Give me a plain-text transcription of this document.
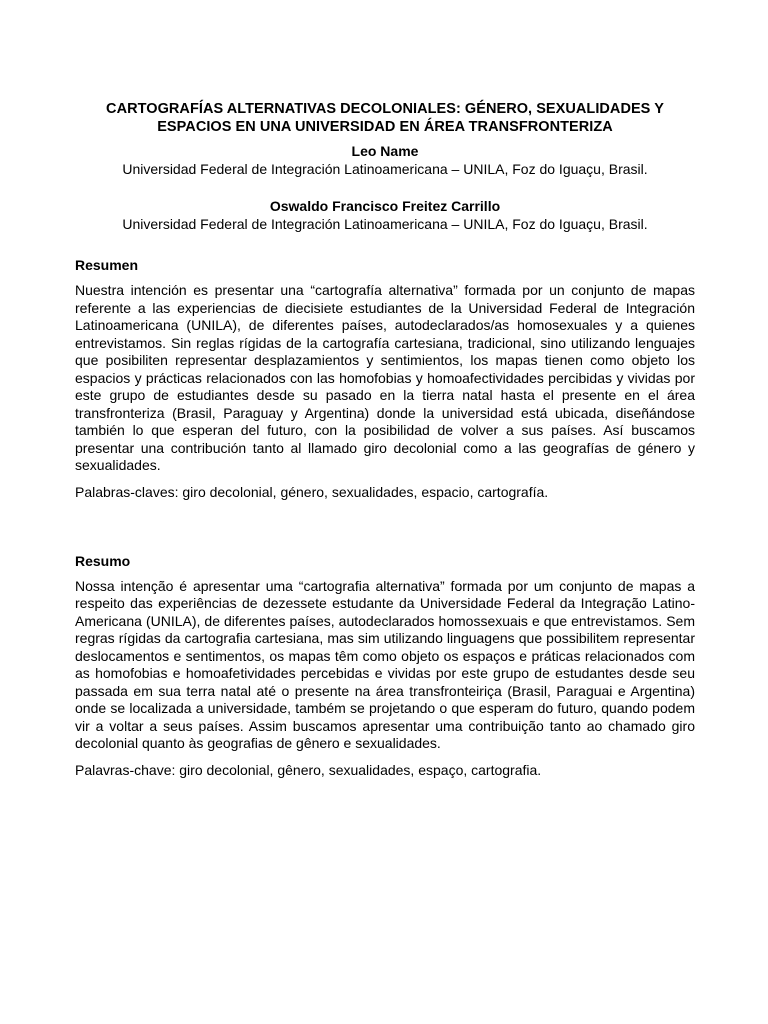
CARTOGRAFÍAS ALTERNATIVAS DECOLONIALES: GÉNERO, SEXUALIDADES Y

ESPACIOS EN UNA UNIVERSIDAD EN ÁREA TRANSFRONTERIZA

Leo Name

Universidad Federal de Integración Latinoamericana – UNILA, Foz do Iguaçu, Brasil.

Oswaldo Francisco Freitez Carrillo

Universidad Federal de Integración Latinoamericana – UNILA, Foz do Iguaçu, Brasil.

Resumen

Nuestra intención es presentar una “cartografía alternativa” formada por un conjunto de mapas referente a las experiencias de diecisiete estudiantes de la Universidad Federal de Integración Latinoamericana (UNILA), de diferentes países, autodeclarados/as homosexuales y a quienes entrevistamos. Sin reglas rígidas de la cartografía cartesiana, tradicional, sino utilizando lenguajes que posibiliten representar desplazamientos y sentimientos, los mapas tienen como objeto los espacios y prácticas relacionados con las homofobias y homoafectividades percibidas y vividas por este grupo de estudiantes desde su pasado en la tierra natal hasta el presente en el área transfronteriza (Brasil, Paraguay y Argentina) donde la universidad está ubicada, diseñándose también lo que esperan del futuro, con la posibilidad de volver a sus países. Así buscamos presentar una contribución tanto al llamado giro decolonial como a las geografías de género y sexualidades.

Palabras-claves: giro decolonial, género, sexualidades, espacio, cartografía.

Resumo

Nossa intenção é apresentar uma “cartografia alternativa” formada por um conjunto de mapas a respeito das experiências de dezessete estudante da Universidade Federal da Integração Latino-Americana (UNILA), de diferentes países, autodeclarados homossexuais e que entrevistamos. Sem regras rígidas da cartografia cartesiana, mas sim utilizando linguagens que possibilitem representar deslocamentos e sentimentos, os mapas têm como objeto os espaços e práticas relacionados com as homofobias e homoafetividades percebidas e vividas por este grupo de estudantes desde seu passada em sua terra natal até o presente na área transfronteiriça (Brasil, Paraguai e Argentina) onde se localizada a universidade, também se projetando o que esperam do futuro, quando podem vir a voltar a seus países. Assim buscamos apresentar uma contribuição tanto ao chamado giro decolonial quanto às geografias de gênero e sexualidades.

Palavras-chave: giro decolonial, gênero, sexualidades, espaço, cartografia.
